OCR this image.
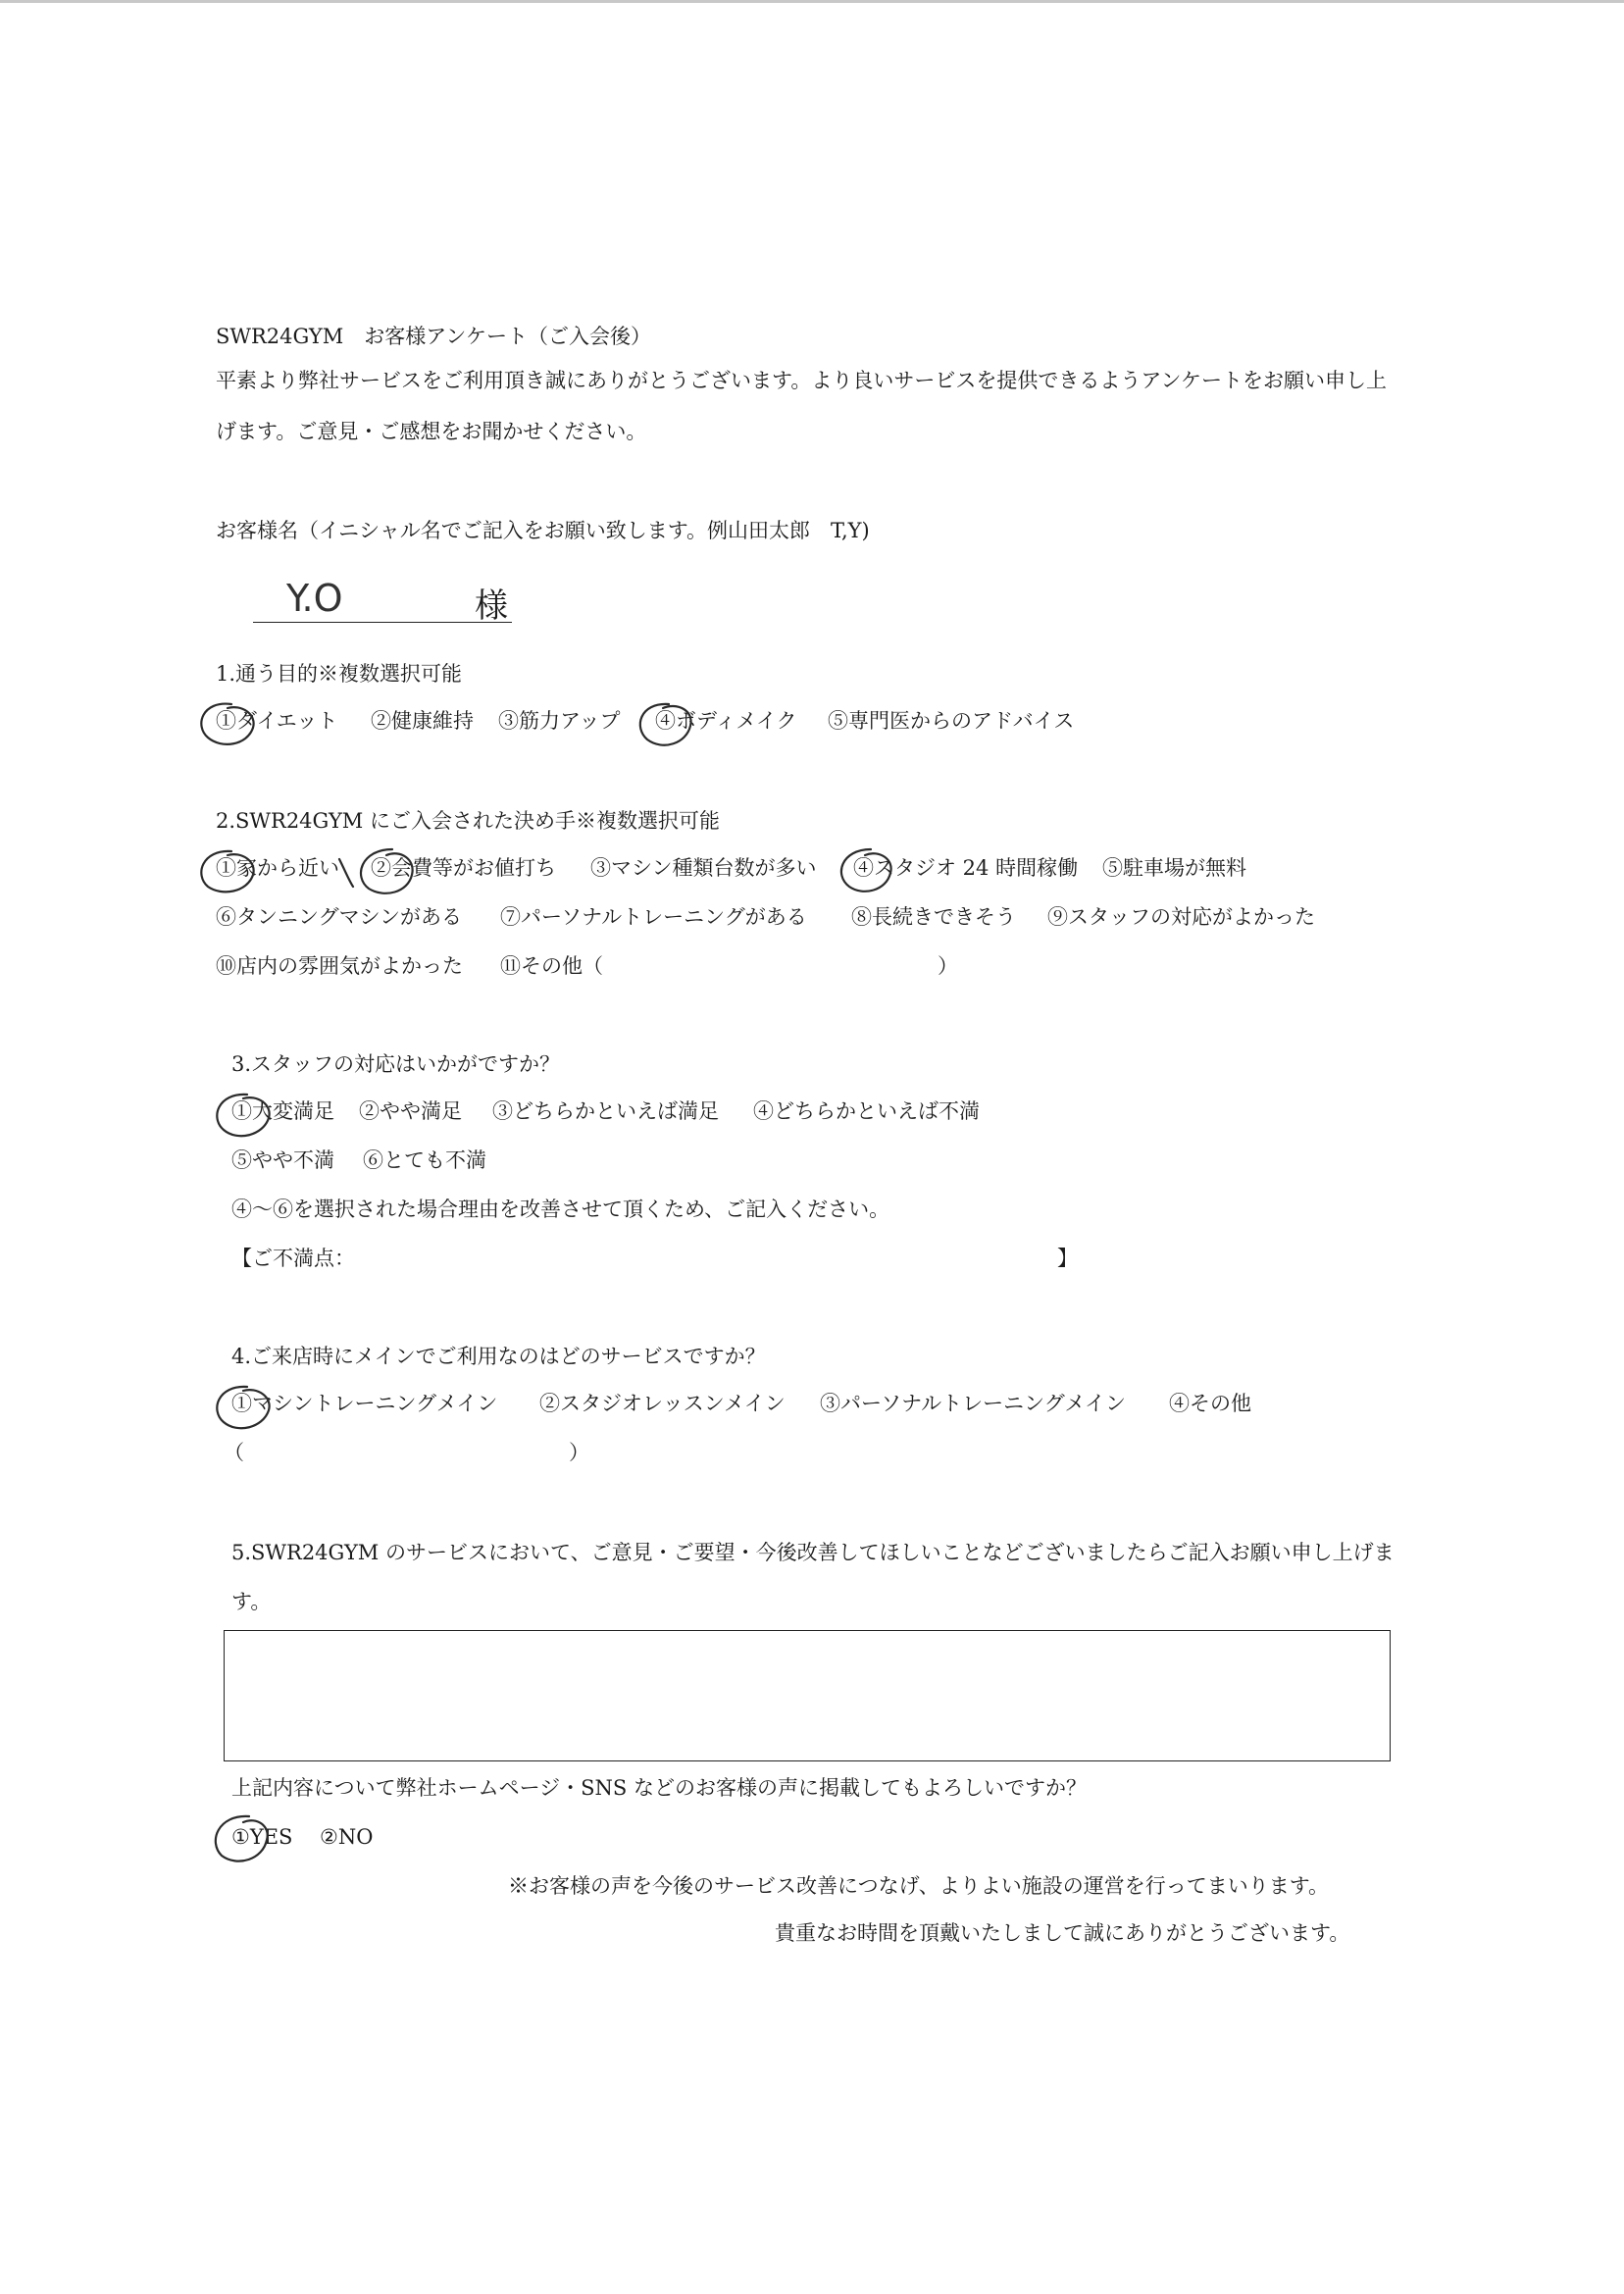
SWR24GYM　お客様アンケート（ご入会後）
平素より弊社サービスをご利用頂き誠にありがとうございます。より良いサービスを提供できるようアンケートをお願い申し上げます。ご意見・ご感想をお聞かせください。
お客様名（イニシャル名でご記入をお願い致します。例山田太郎　T,Y)
Y.O	様
1.通う目的※複数選択可能
①ダイエット ②健康維持 ③筋力アップ ④ボディメイク ⑤専門医からのアドバイス
2.SWR24GYM にご入会された決め手※複数選択可能
①家から近い ②会費等がお値打ち ③マシン種類台数が多い ④スタジオ 24 時間稼働 ⑤駐車場が無料
⑥タンニングマシンがある ⑦パーソナルトレーニングがある ⑧長続きできそう ⑨スタッフの対応がよかった
⑩店内の雰囲気がよかった ⑪その他（	）
3.スタッフの対応はいかがですか？
①大変満足 ②やや満足 ③どちらかといえば満足 ④どちらかといえば不満
⑤やや不満 ⑥とても不満
④～⑥を選択された場合理由を改善させて頂くため、ご記入ください。
【ご不満点：	】
4.ご来店時にメインでご利用なのはどのサービスですか？
①マシントレーニングメイン ②スタジオレッスンメイン ③パーソナルトレーニングメイン ④その他
（	）
5.SWR24GYM のサービスにおいて、ご意見・ご要望・今後改善してほしいことなどございましたらご記入お願い申し上げます。
上記内容について弊社ホームページ・SNS などのお客様の声に掲載してもよろしいですか？
①YES ②NO
※お客様の声を今後のサービス改善につなげ、よりよい施設の運営を行ってまいります。
貴重なお時間を頂戴いたしまして誠にありがとうございます。
